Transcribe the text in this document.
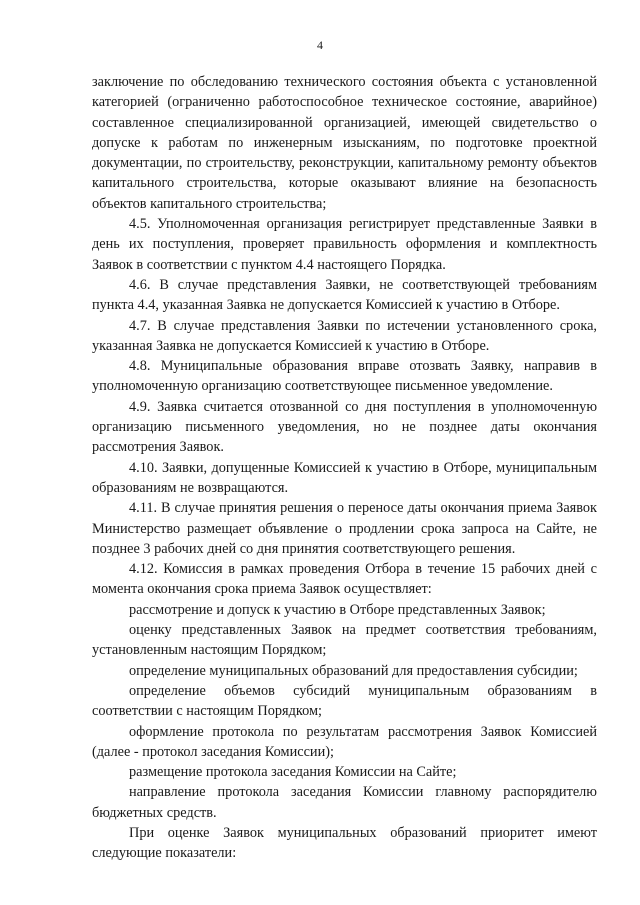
4

заключение по обследованию технического состояния объекта с установленной категорией (ограниченно работоспособное техническое состояние, аварийное) составленное специализированной организацией, имеющей свидетельство о допуске к работам по инженерным изысканиям, по подготовке проектной документации, по строительству, реконструкции, капитальному ремонту объектов капитального строительства, которые оказывают влияние на безопасность объектов капитального строительства;

4.5. Уполномоченная организация регистрирует представленные Заявки в день их поступления, проверяет правильность оформления и комплектность Заявок в соответствии с пунктом 4.4 настоящего Порядка.

4.6. В случае представления Заявки, не соответствующей требованиям пункта 4.4, указанная Заявка не допускается Комиссией к участию в Отборе.

4.7. В случае представления Заявки по истечении установленного срока, указанная Заявка не допускается Комиссией к участию в Отборе.

4.8. Муниципальные образования вправе отозвать Заявку, направив в уполномоченную организацию соответствующее письменное уведомление.

4.9. Заявка считается отозванной со дня поступления в уполномоченную организацию письменного уведомления, но не позднее даты окончания рассмотрения Заявок.

4.10. Заявки, допущенные Комиссией к участию в Отборе, муниципальным образованиям не возвращаются.

4.11. В случае принятия решения о переносе даты окончания приема Заявок Министерство размещает объявление о продлении срока запроса на Сайте, не позднее 3 рабочих дней со дня принятия соответствующего решения.

4.12. Комиссия в рамках проведения Отбора в течение 15 рабочих дней с момента окончания срока приема Заявок осуществляет:

рассмотрение и допуск к участию в Отборе представленных Заявок;

оценку представленных Заявок на предмет соответствия требованиям, установленным настоящим Порядком;

определение муниципальных образований для предоставления субсидии;

определение объемов субсидий муниципальным образованиям в соответствии с настоящим Порядком;

оформление протокола по результатам рассмотрения Заявок Комиссией (далее - протокол заседания Комиссии);

размещение протокола заседания Комиссии на Сайте;

направление протокола заседания Комиссии главному распорядителю бюджетных средств.

При оценке Заявок муниципальных образований приоритет имеют следующие показатели:
